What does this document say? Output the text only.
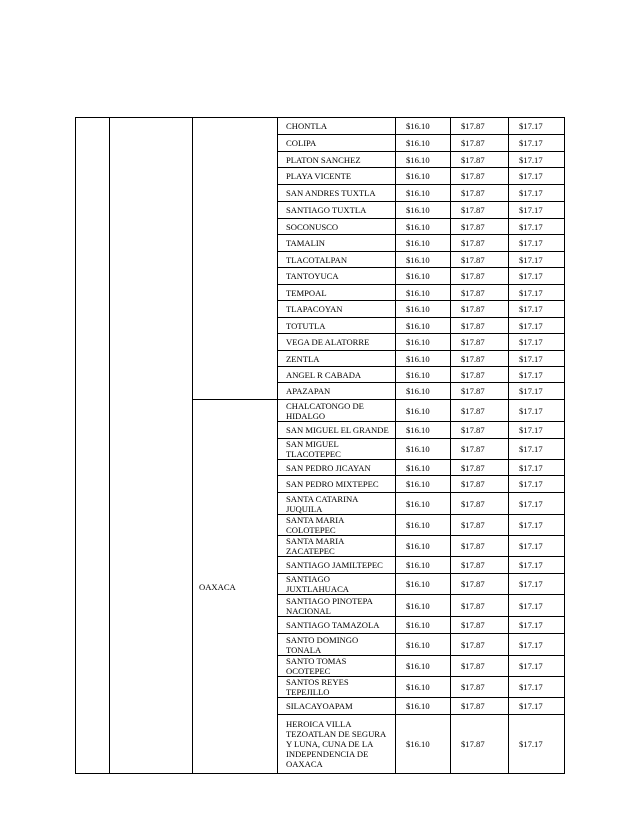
			CHONTLA	$16.10	$17.87	$17.17
			COLIPA	$16.10	$17.87	$17.17
			PLATON SANCHEZ	$16.10	$17.87	$17.17
			PLAYA VICENTE	$16.10	$17.87	$17.17
			SAN ANDRES TUXTLA	$16.10	$17.87	$17.17
			SANTIAGO TUXTLA	$16.10	$17.87	$17.17
			SOCONUSCO	$16.10	$17.87	$17.17
			TAMALIN	$16.10	$17.87	$17.17
			TLACOTALPAN	$16.10	$17.87	$17.17
			TANTOYUCA	$16.10	$17.87	$17.17
			TEMPOAL	$16.10	$17.87	$17.17
			TLAPACOYAN	$16.10	$17.87	$17.17
			TOTUTLA	$16.10	$17.87	$17.17
			VEGA DE ALATORRE	$16.10	$17.87	$17.17
			ZENTLA	$16.10	$17.87	$17.17
			ANGEL R CABADA	$16.10	$17.87	$17.17
			APAZAPAN	$16.10	$17.87	$17.17
		OAXACA	CHALCATONGO DE HIDALGO	$16.10	$17.87	$17.17
			SAN MIGUEL EL GRANDE	$16.10	$17.87	$17.17
			SAN MIGUEL TLACOTEPEC	$16.10	$17.87	$17.17
			SAN PEDRO JICAYAN	$16.10	$17.87	$17.17
			SAN PEDRO MIXTEPEC	$16.10	$17.87	$17.17
			SANTA CATARINA JUQUILA	$16.10	$17.87	$17.17
			SANTA MARIA COLOTEPEC	$16.10	$17.87	$17.17
			SANTA MARIA ZACATEPEC	$16.10	$17.87	$17.17
			SANTIAGO JAMILTEPEC	$16.10	$17.87	$17.17
			SANTIAGO JUXTLAHUACA	$16.10	$17.87	$17.17
			SANTIAGO PINOTEPA NACIONAL	$16.10	$17.87	$17.17
			SANTIAGO TAMAZOLA	$16.10	$17.87	$17.17
			SANTO DOMINGO TONALA	$16.10	$17.87	$17.17
			SANTO TOMAS OCOTEPEC	$16.10	$17.87	$17.17
			SANTOS REYES TEPEJILLO	$16.10	$17.87	$17.17
			SILACAYOAPAM	$16.10	$17.87	$17.17
			HEROICA VILLA TEZOATLAN DE SEGURA Y LUNA, CUNA DE LA INDEPENDENCIA DE OAXACA	$16.10	$17.87	$17.17
